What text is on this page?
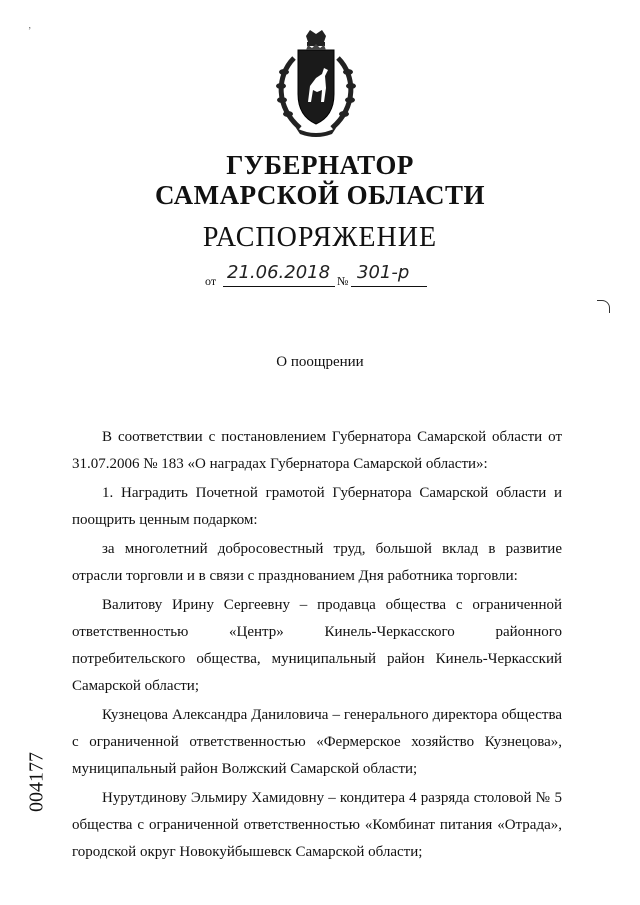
ʼ
ГУБЕРНАТОР
САМАРСКОЙ ОБЛАСТИ
РАСПОРЯЖЕНИЕ
от 21.06.2018 № 301-р
О поощрении

В соответствии с постановлением Губернатора Самарской области от 31.07.2006 № 183 «О наградах Губернатора Самарской области»:

1. Наградить Почетной грамотой Губернатора Самарской области и поощрить ценным подарком:

за многолетний добросовестный труд, большой вклад в развитие отрасли торговли и в связи с празднованием Дня работника торговли:

Валитову Ирину Сергеевну – продавца общества с ограниченной ответственностью «Центр» Кинель-Черкасского районного потребительского общества, муниципальный район Кинель-Черкасский Самарской области;

Кузнецова Александра Даниловича – генерального директора общества с ограниченной ответственностью «Фермерское хозяйство Кузнецова», муниципальный район Волжский Самарской области;

Нурутдинову Эльмиру Хамидовну – кондитера 4 разряда столовой № 5 общества с ограниченной ответственностью «Комбинат питания «Отрада», городской округ Новокуйбышевск Самарской области;

004177
